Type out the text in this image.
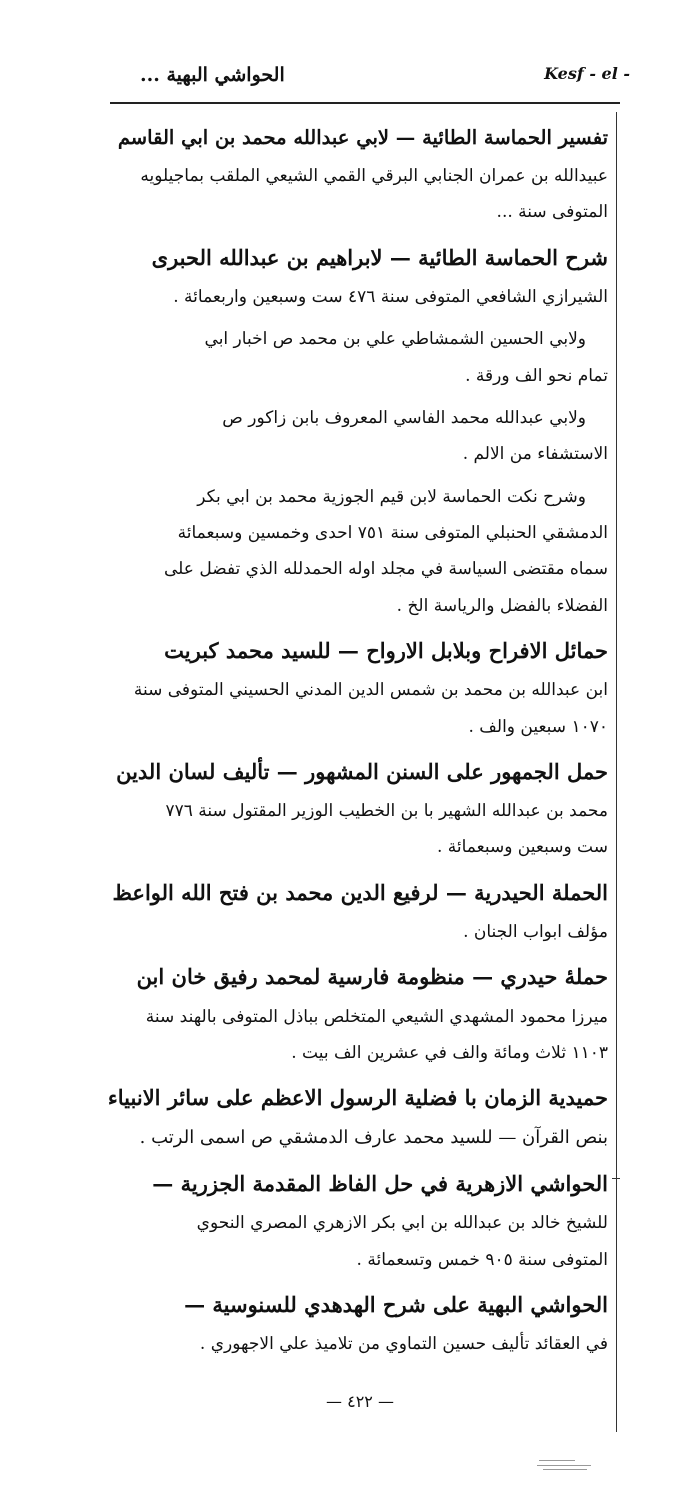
الحواشي البهية ...	Kesf - el -
تفسير الحماسة الطائية — لابي عبدالله محمد بن ابي القاسم
عبيدالله بن عمران الجنابي البرقي القمي الشيعي الملقب بماجيلويه
المتوفى سنة ...
شرح الحماسة الطائية — لابراهيم بن عبدالله الحبرى
الشيرازي الشافعي المتوفى سنة ٤٧٦ ست وسبعين واربعمائة .
ولابي الحسين الشمشاطي علي بن محمد ص اخبار ابي
تمام نحو الف ورقة .
ولابي عبدالله محمد الفاسي المعروف بابن زاكور ص
الاستشفاء من الالم .
وشرح نكت الحماسة لابن قيم الجوزية محمد بن ابي بكر
الدمشقي الحنبلي المتوفى سنة ٧٥١ احدى وخمسين وسبعمائة
سماه مقتضى السياسة في مجلد اوله الحمدلله الذي تفضل على
الفضلاء بالفضل والرياسة الخ .
حمائل الافراح وبلابل الارواح — للسيد محمد كبريت
ابن عبدالله بن محمد بن شمس الدين المدني الحسيني المتوفى سنة
١٠٧٠ سبعين والف .
حمل الجمهور على السنن المشهور — تأليف لسان الدين
محمد بن عبدالله الشهير با بن الخطيب الوزير المقتول سنة ٧٧٦
ست وسبعين وسبعمائة .
الحملة الحيدرية — لرفيع الدين محمد بن فتح الله الواعظ
مؤلف ابواب الجنان .
حملهٔ حيدري — منظومة فارسية لمحمد رفيق خان ابن
ميرزا محمود المشهدي الشيعي المتخلص بباذل المتوفى بالهند سنة
١١٠٣ ثلاث ومائة والف في عشرين الف بيت .
حميدية الزمان با فضلية الرسول الاعظم على سائر الانبياء
بنص القرآن — للسيد محمد عارف الدمشقي ص اسمى الرتب .
الحواشي الازهرية في حل الفاظ المقدمة الجزرية —
للشيخ خالد بن عبدالله بن ابي بكر الازهري المصري النحوي
المتوفى سنة ٩٠٥ خمس وتسعمائة .
الحواشي البهية على شرح الهدهدي للسنوسية —
في العقائد تأليف حسين التماوي من تلاميذ علي الاجهوري .
— ٤٢٢ —
